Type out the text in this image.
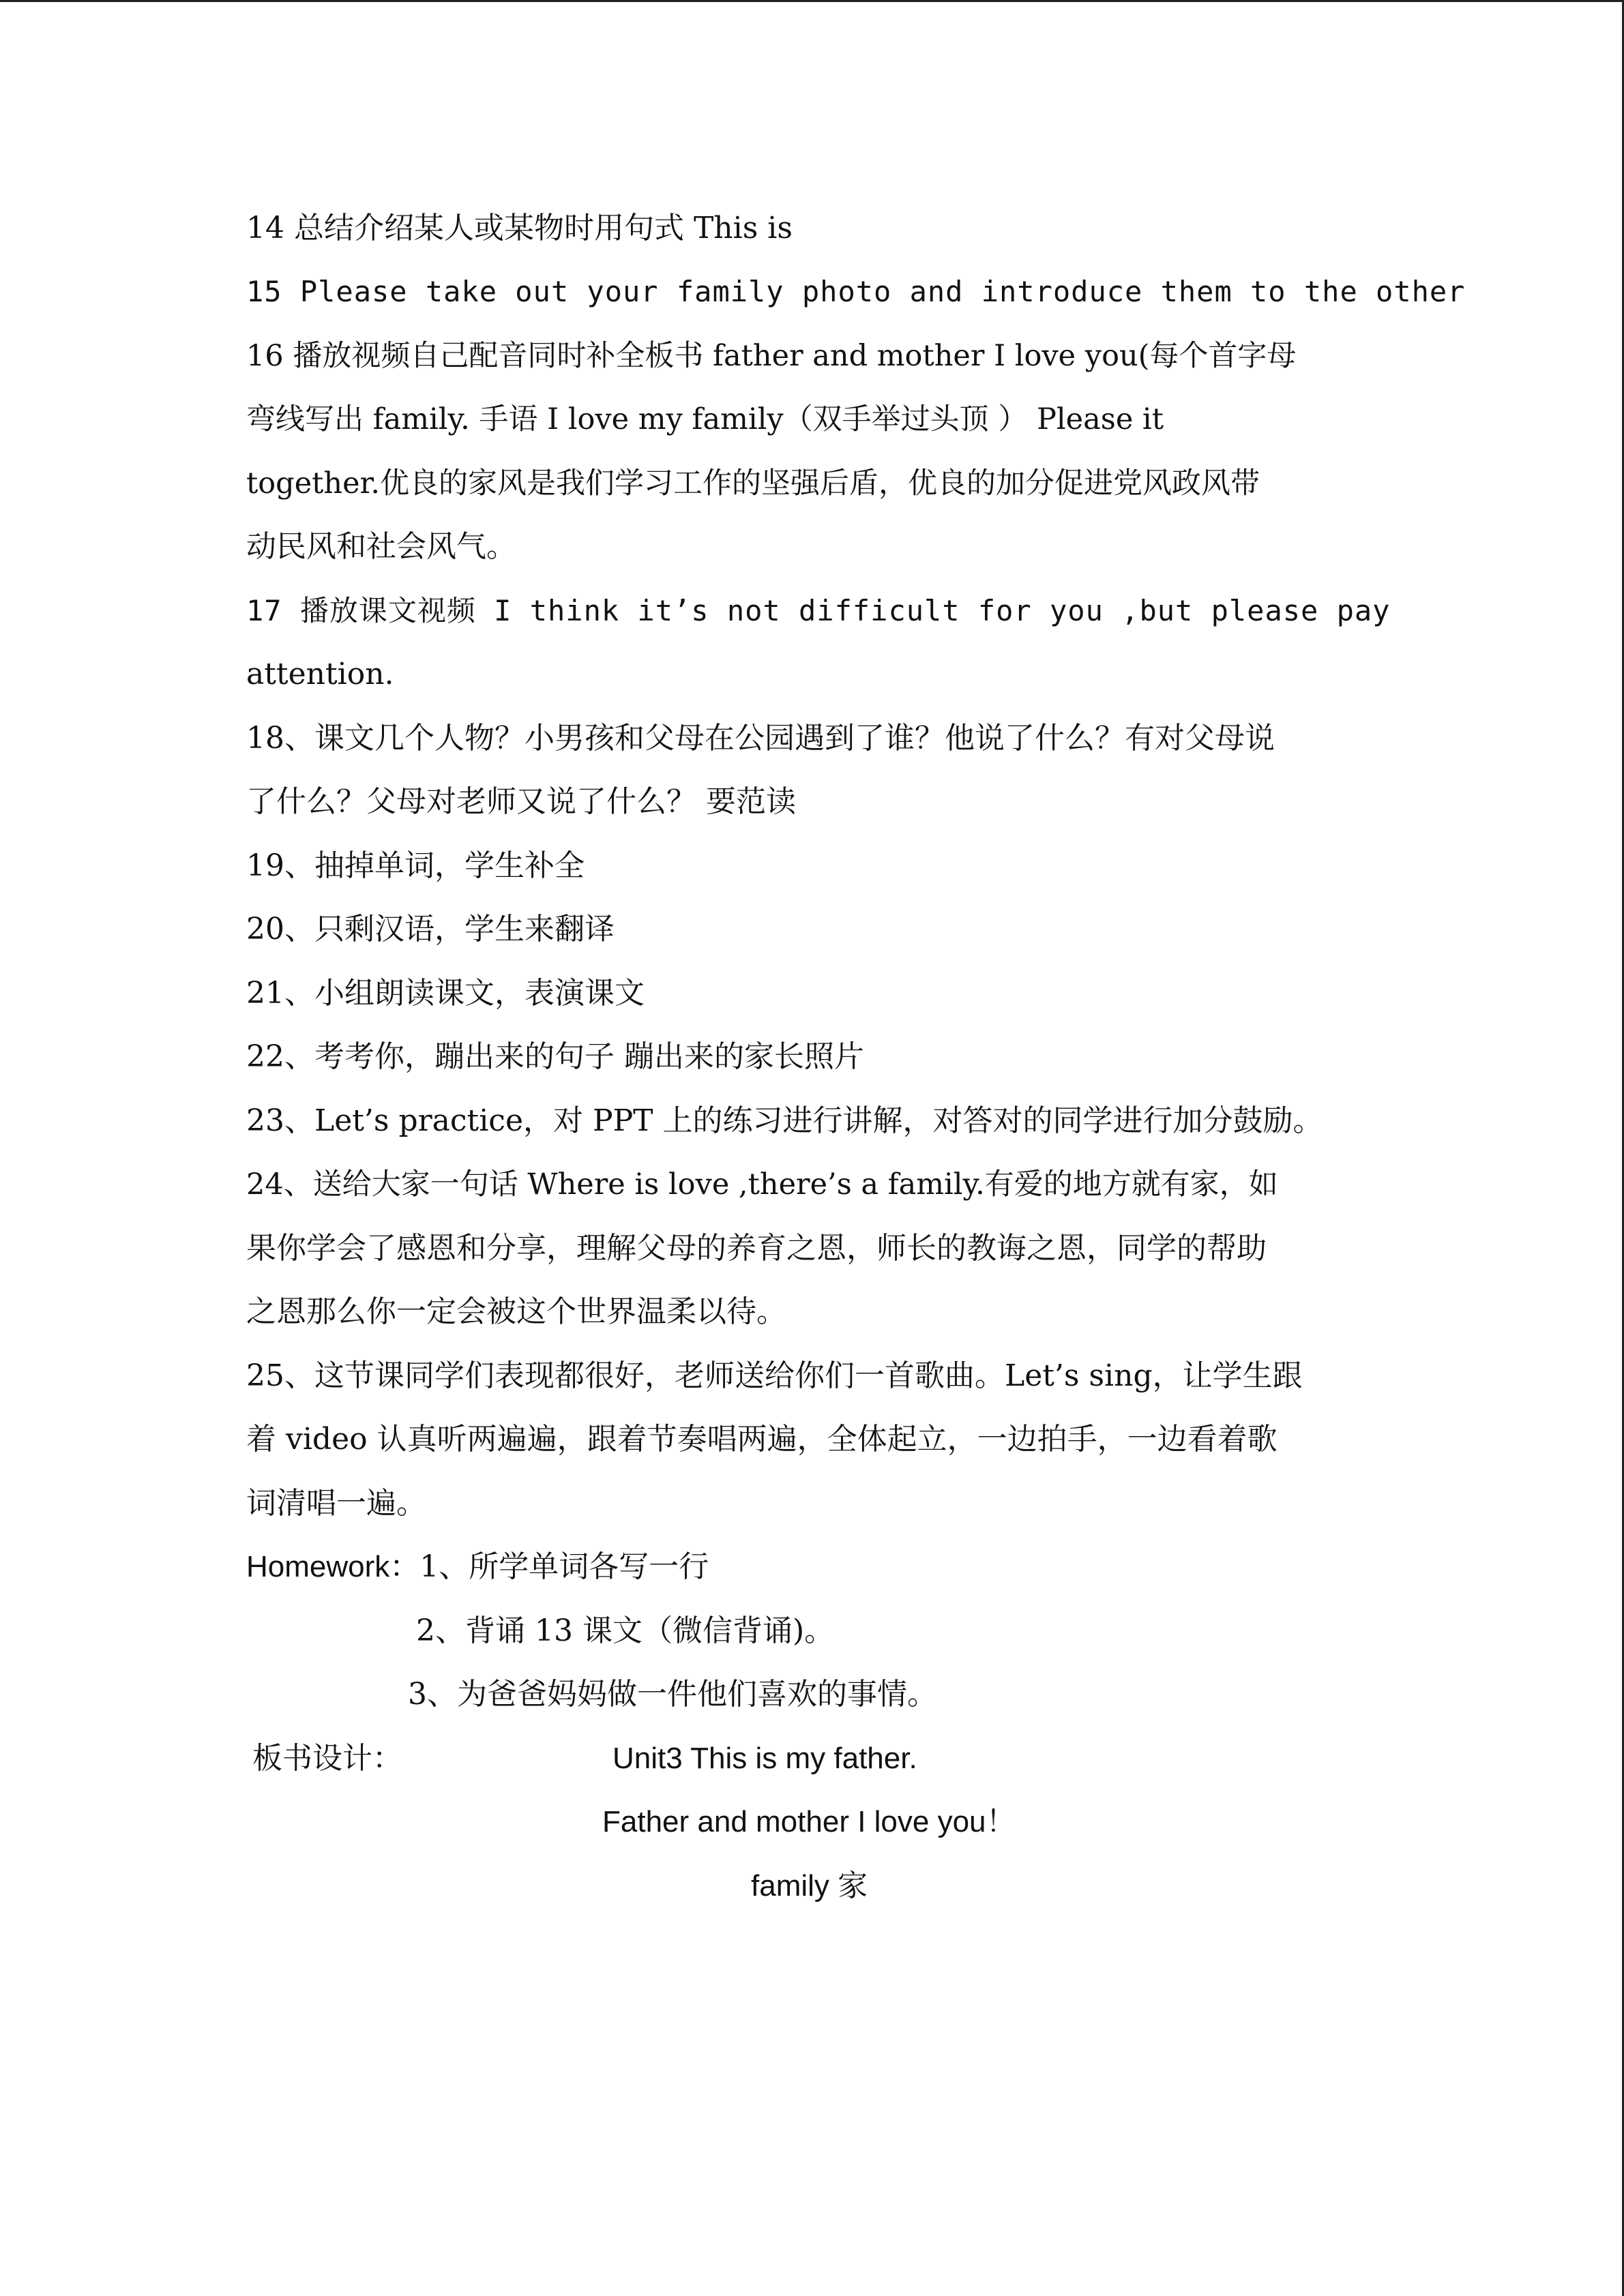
14 总结介绍某人或某物时用句式 This is
15 Please take out your family photo and introduce them to the other
16 播放视频自己配音同时补全板书 father and mother I love you(每个首字母
弯线写出 family. 手语 I love my family（双手举过头顶 ） Please it
together.优良的家风是我们学习工作的坚强后盾，优良的加分促进党风政风带
动民风和社会风气。
17 播放课文视频 I think it’s not difficult for you ,but please pay
attention.
18、课文几个人物？小男孩和父母在公园遇到了谁？他说了什么？有对父母说
了什么？父母对老师又说了什么？ 要范读
19、抽掉单词，学生补全
20、只剩汉语，学生来翻译
21、小组朗读课文，表演课文
22、考考你，蹦出来的句子 蹦出来的家长照片
23、Let’s practice，对 PPT 上的练习进行讲解，对答对的同学进行加分鼓励。
24、送给大家一句话 Where is love ,there’s a family.有爱的地方就有家，如
果你学会了感恩和分享，理解父母的养育之恩，师长的教诲之恩，同学的帮助
之恩那么你一定会被这个世界温柔以待。
25、这节课同学们表现都很好，老师送给你们一首歌曲。Let’s sing，让学生跟
着 video 认真听两遍遍，跟着节奏唱两遍，全体起立，一边拍手，一边看着歌
词清唱一遍。
Homework：1、所学单词各写一行
2、背诵 13 课文（微信背诵)。
3、为爸爸妈妈做一件他们喜欢的事情。
板书设计：	Unit3 This is my father.
Father and mother I love you！
family 家
